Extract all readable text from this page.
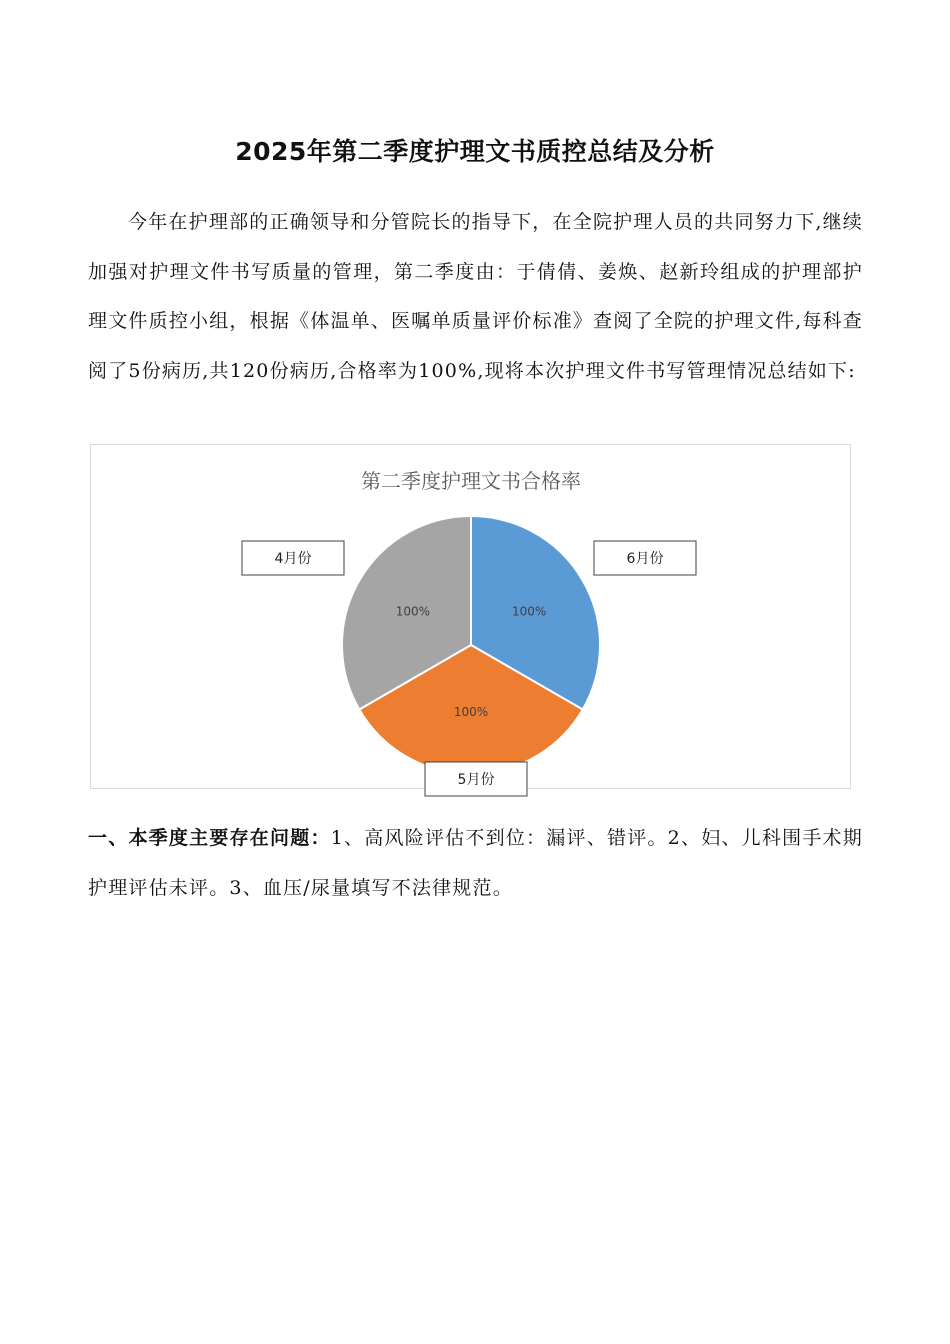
2025年第二季度护理文书质控总结及分析

今年在护理部的正确领导和分管院长的指导下，在全院护理人员的共同努力下,继续加强对护理文件书写质量的管理，第二季度由：于倩倩、姜焕、赵新玲组成的护理部护理文件质控小组，根据《体温单、医嘱单质量评价标准》查阅了全院的护理文件,每科查阅了5份病历,共120份病历,合格率为100%,现将本次护理文件书写管理情况总结如下:

第二季度护理文书合格率
100%
100%
100%
6月份
5月份
4月份

一、本季度主要存在问题：1、高风险评估不到位：漏评、错评。2、妇、儿科围手术期护理评估未评。3、血压/尿量填写不法律规范。
